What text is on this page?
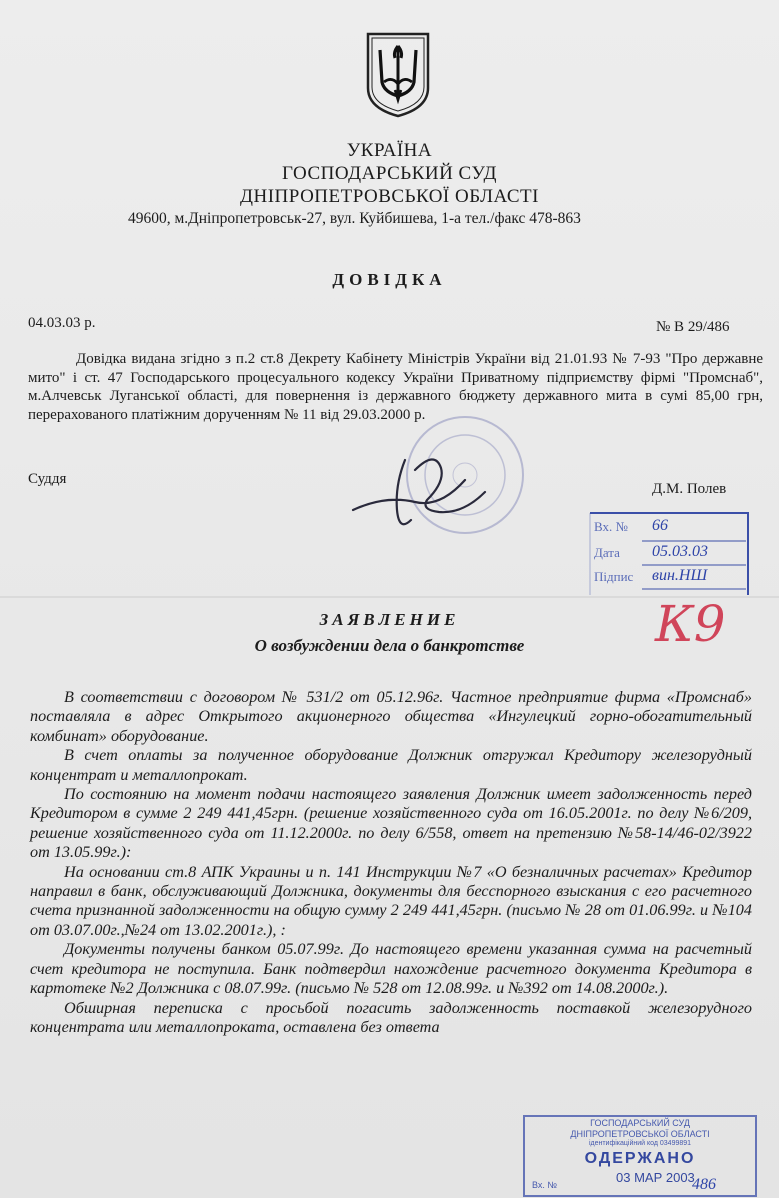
УКРАЇНА
ГОСПОДАРСЬКИЙ СУД
ДНІПРОПЕТРОВСЬКОЇ ОБЛАСТІ
49600, м.Дніпропетровськ-27, вул. Куйбишева, 1-а тел./факс 478-863
ДОВІДКА
04.03.03 р.	№ В 29/486
Довідка видана згідно з п.2 ст.8 Декрету Кабінету Міністрів України від 21.01.93 № 7-93 "Про державне мито" і ст. 47 Господарського процесуального кодексу України Приватному підприємству фірмі "Промснаб", м.Алчевськ Луганської області, для повернення із державного бюджету державного мита в сумі 85,00 грн, перерахованого платіжним дорученням № 11 від 29.03.2000 р.
Суддя
Д.М. Полев
Вх. № 66
Дата 05.03.03
Підпис вин.НШ
К9
ЗАЯВЛЕНИЕ
О возбуждении дела о банкротстве

В соответствии с договором № 531/2 от 05.12.96г. Частное предприятие фирма «Промснаб» поставляла в адрес Открытого акционерного общества «Ингулецкий горно-обогатительный комбинат» оборудование.

В счет оплаты за полученное оборудование Должник отгружал Кредитору железорудный концентрат и металлопрокат.

По состоянию на момент подачи настоящего заявления Должник имеет задолженность перед Кредитором в сумме 2 249 441,45грн. (решение хозяйственного суда от 16.05.2001г. по делу №6/209, решение хозяйственного суда от 11.12.2000г. по делу 6/558, ответ на претензию №58-14/46-02/3922 от 13.05.99г.):

На основании ст.8 АПК Украины и п. 141 Инструкции №7 «О безналичных расчетах» Кредитор направил в банк, обслуживающий Должника, документы для бесспорного взыскания с его расчетного счета признанной задолженности на общую сумму 2 249 441,45грн. (письмо № 28 от 01.06.99г. и №104 от 03.07.00г.,№24 от 13.02.2001г.), :

Документы получены банком 05.07.99г. До настоящего времени указанная сумма на расчетный счет кредитора не поступила. Банк подтвердил нахождение расчетного документа Кредитора в картотеке №2 Должника с 08.07.99г. (письмо № 528 от 12.08.99г. и №392 от 14.08.2000г.).

Обширная переписка с просьбой погасить задолженность поставкой железорудного концентрата или металлопроката, оставлена без ответа

ГОСПОДАРСЬКИЙ СУД
ДНІПРОПЕТРОВСЬКОЇ ОБЛАСТІ
ідентифікаційний код 03499891
ОДЕРЖАНО
03 МАР 2003
Вх. №	486
